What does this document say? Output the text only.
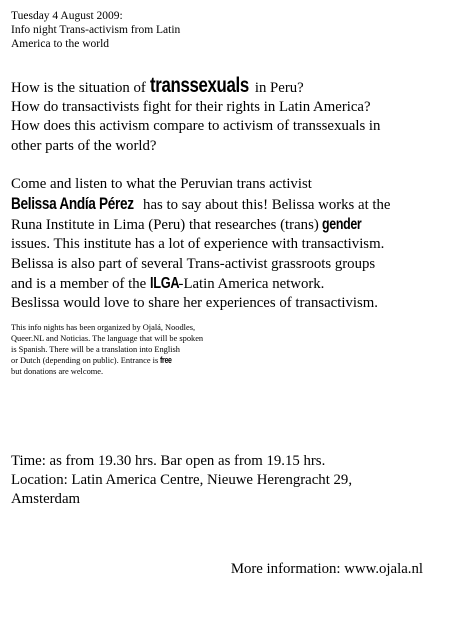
Tuesday 4 August 2009:
Info night Trans-activism from Latin
America to the world

How is the situation of transsexuals in Peru?

How do transactivists fight for their rights in Latin America?

How does this activism compare to activism of transsexuals in

other parts of the world?

Come and listen to what the Peruvian trans activist

Belissa Andía Pérez has to say about this! Belissa works at the

Runa Institute in Lima (Peru) that researches (trans) gender

issues. This institute has a lot of experience with transactivism.

Belissa is also part of several Trans-activist grassroots groups

and is a member of the ILGA-Latin America network.

Beslissa would love to share her experiences of transactivism.

This info nights has been organized by Ojalá, Noodles,

Queer.NL and Noticias. The language that will be spoken

is Spanish. There will be a translation into English

or Dutch (depending on public). Entrance is free

but donations are welcome.

Time: as from 19.30 hrs. Bar open as from 19.15 hrs.

Location: Latin America Centre, Nieuwe Herengracht 29,

Amsterdam

More information: www.ojala.nl
